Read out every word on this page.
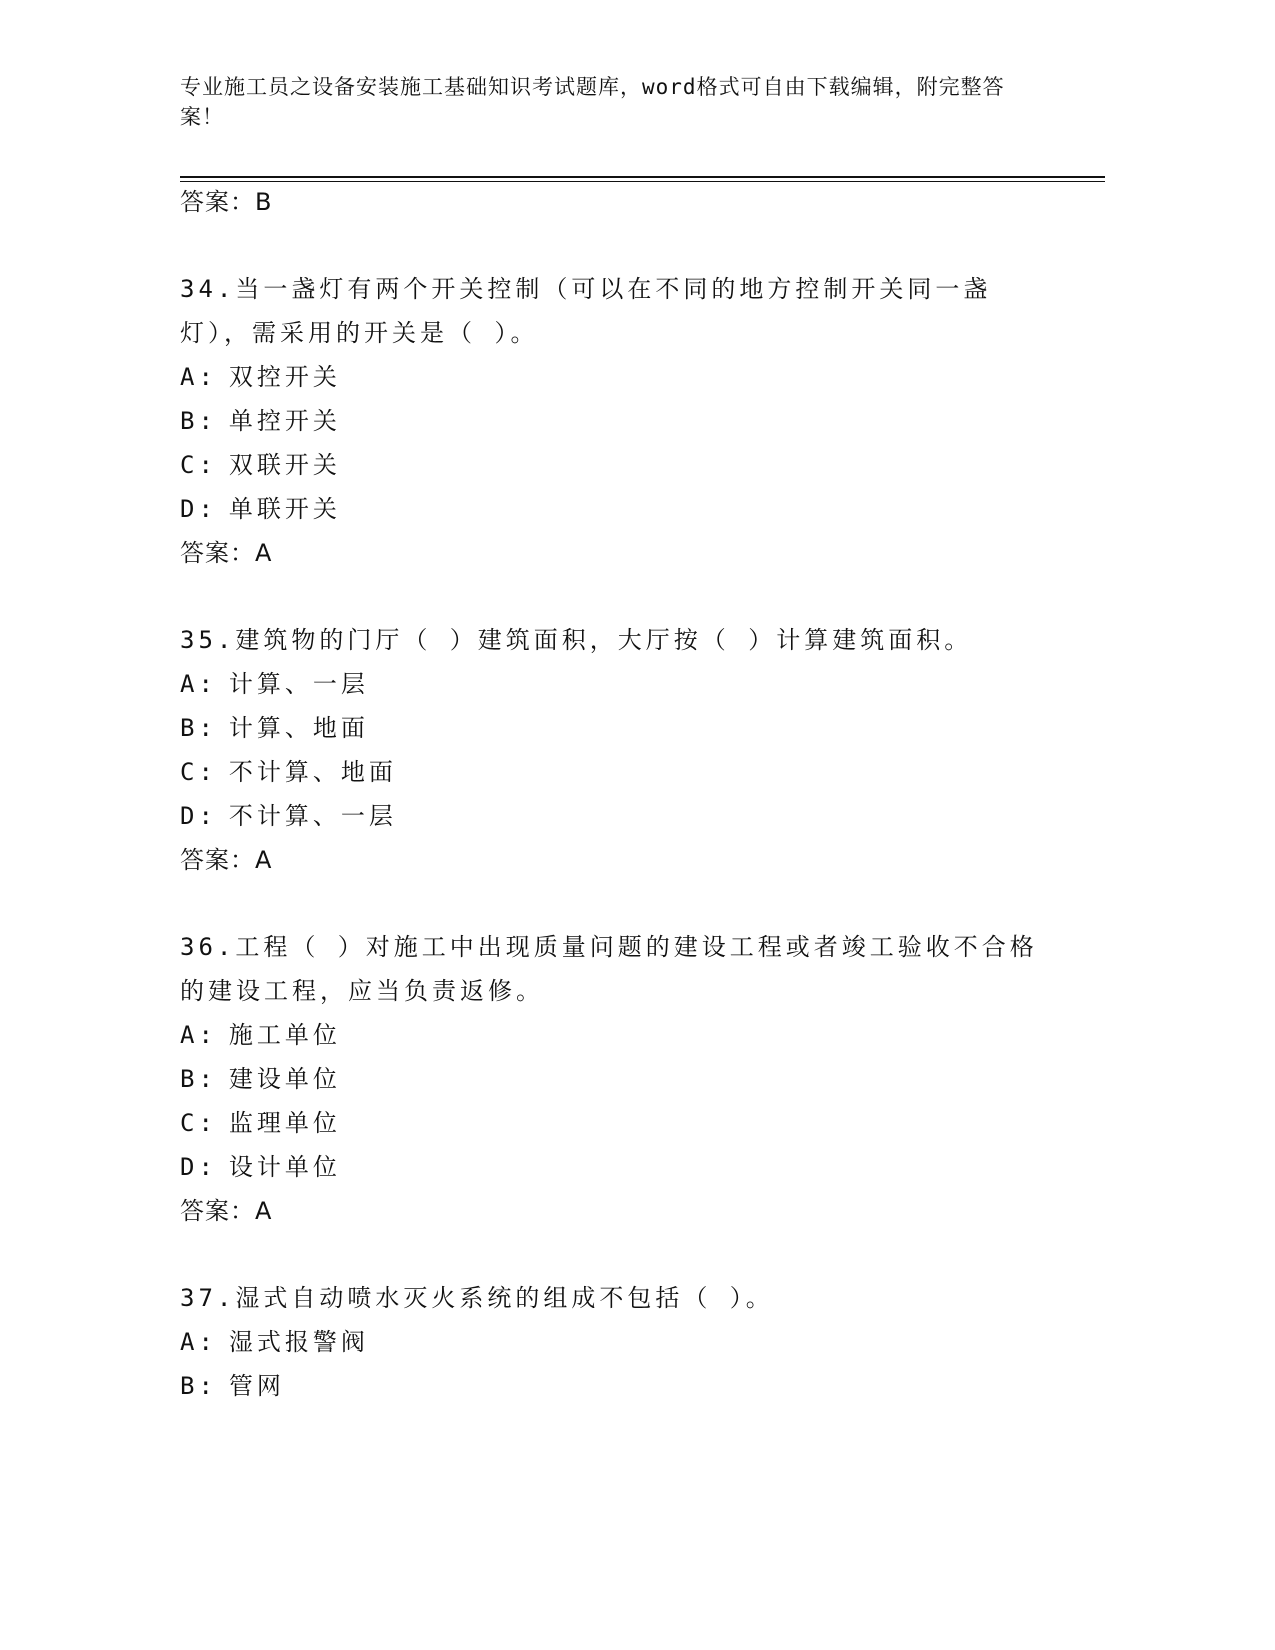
专业施工员之设备安装施工基础知识考试题库，word格式可自由下载编辑，附完整答案！
答案：B
34.当一盏灯有两个开关控制（可以在不同的地方控制开关同一盏灯），需采用的开关是（ ）。
A: 双控开关
B: 单控开关
C: 双联开关
D: 单联开关
答案：A
35.建筑物的门厅（ ）建筑面积，大厅按（ ）计算建筑面积。
A: 计算、一层
B: 计算、地面
C: 不计算、地面
D: 不计算、一层
答案：A
36.工程（ ）对施工中出现质量问题的建设工程或者竣工验收不合格的建设工程，应当负责返修。
A: 施工单位
B: 建设单位
C: 监理单位
D: 设计单位
答案：A
37.湿式自动喷水灭火系统的组成不包括（ ）。
A: 湿式报警阀
B: 管网
